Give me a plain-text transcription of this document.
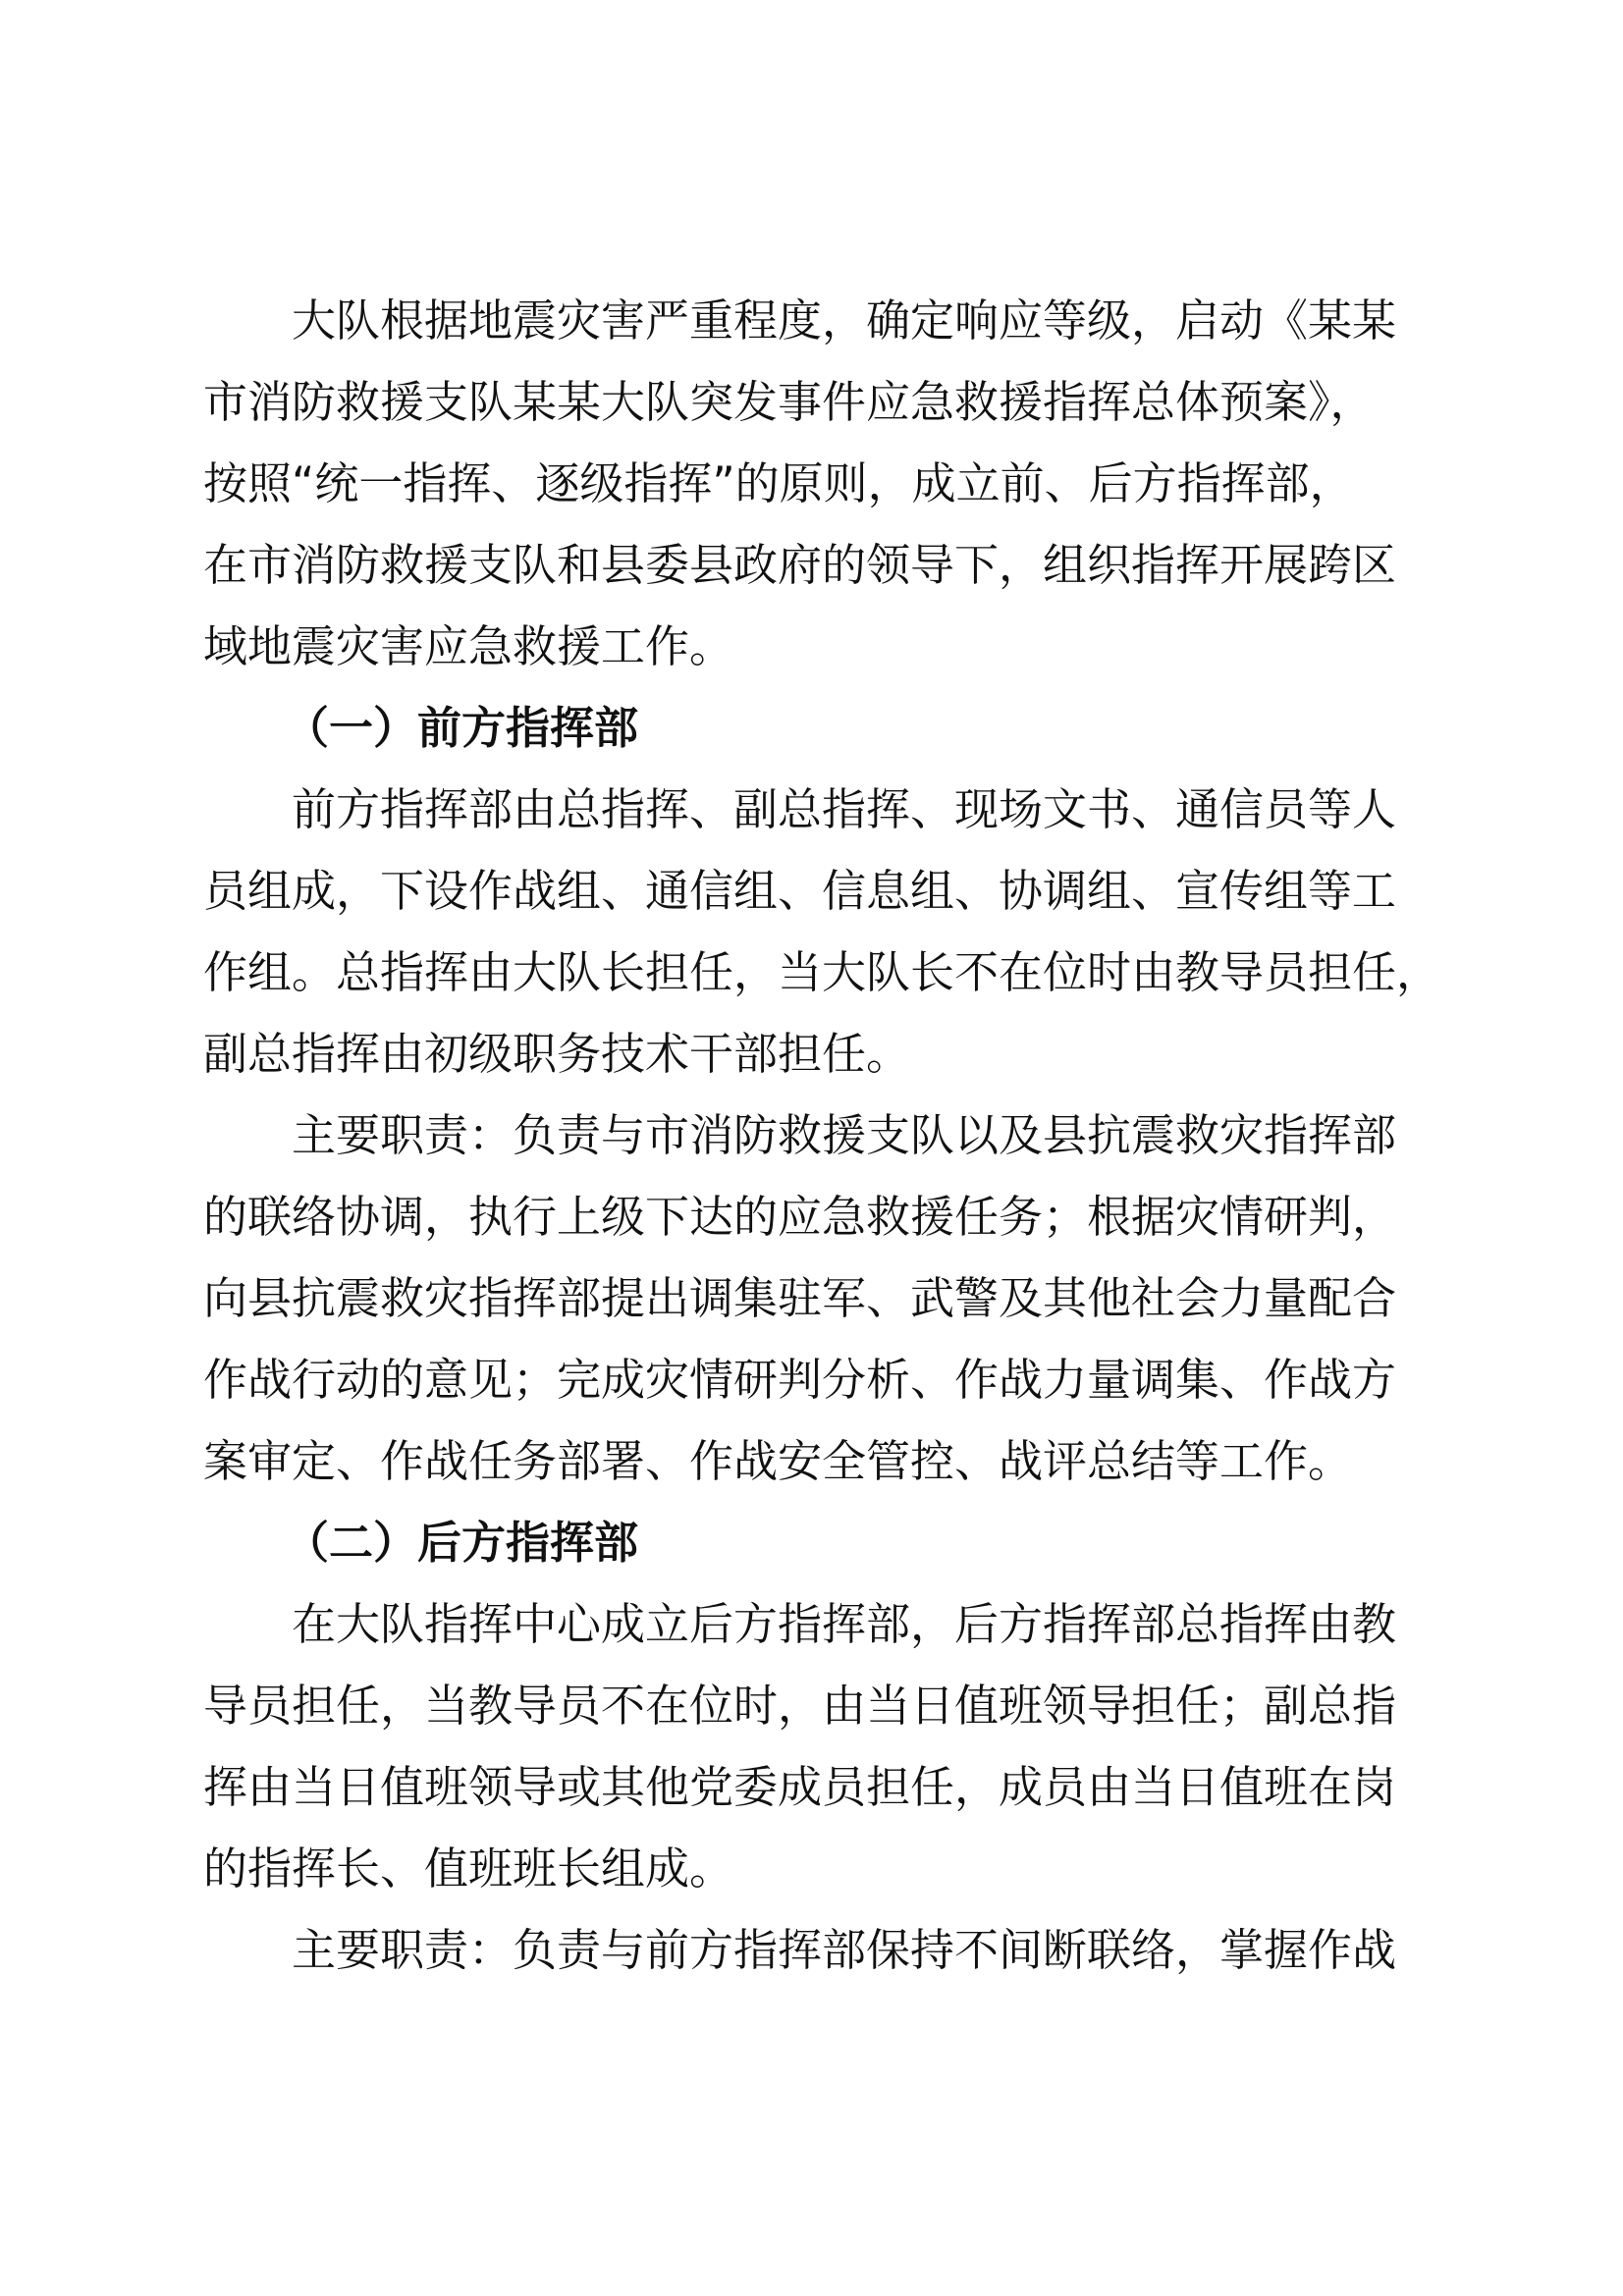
大队根据地震灾害严重程度，确定响应等级，启动《某某
市消防救援支队某某大队突发事件应急救援指挥总体预案》，
按照“统一指挥、逐级指挥”的原则，成立前、后方指挥部，
在市消防救援支队和县委县政府的领导下，组织指挥开展跨区
域地震灾害应急救援工作。
（一）前方指挥部
前方指挥部由总指挥、副总指挥、现场文书、通信员等人
员组成，下设作战组、通信组、信息组、协调组、宣传组等工
作组。总指挥由大队长担任，当大队长不在位时由教导员担任，
副总指挥由初级职务技术干部担任。
主要职责：负责与市消防救援支队以及县抗震救灾指挥部
的联络协调，执行上级下达的应急救援任务；根据灾情研判，
向县抗震救灾指挥部提出调集驻军、武警及其他社会力量配合
作战行动的意见；完成灾情研判分析、作战力量调集、作战方
案审定、作战任务部署、作战安全管控、战评总结等工作。
（二）后方指挥部
在大队指挥中心成立后方指挥部，后方指挥部总指挥由教
导员担任，当教导员不在位时，由当日值班领导担任；副总指
挥由当日值班领导或其他党委成员担任，成员由当日值班在岗
的指挥长、值班班长组成。
主要职责：负责与前方指挥部保持不间断联络，掌握作战
